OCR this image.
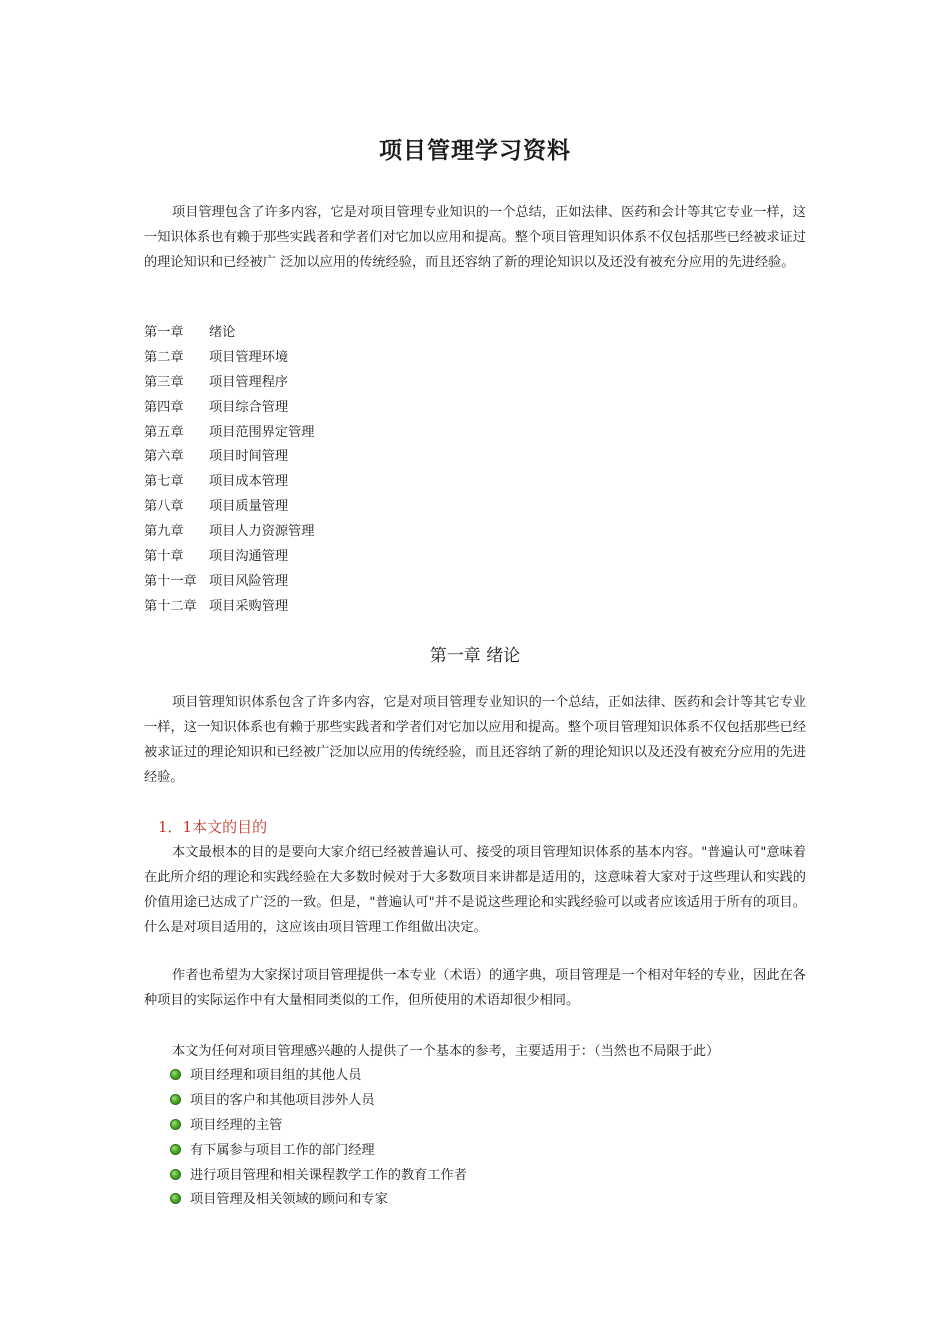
项目管理学习资料

项目管理包含了许多内容，它是对项目管理专业知识的一个总结，正如法律、医药和会计等其它专业一样，这一知识体系也有赖于那些实践者和学者们对它加以应用和提高。整个项目管理知识体系不仅包括那些已经被求证过的理论知识和已经被广 泛加以应用的传统经验，而且还容纳了新的理论知识以及还没有被充分应用的先进经验。

第一章 绪论
第二章 项目管理环境
第三章 项目管理程序
第四章 项目综合管理
第五章 项目范围界定管理
第六章 项目时间管理
第七章 项目成本管理
第八章 项目质量管理
第九章 项目人力资源管理
第十章 项目沟通管理
第十一章 项目风险管理
第十二章 项目采购管理
第一章 绪论

项目管理知识体系包含了许多内容，它是对项目管理专业知识的一个总结，正如法律、医药和会计等其它专业一样，这一知识体系也有赖于那些实践者和学者们对它加以应用和提高。整个项目管理知识体系不仅包括那些已经被求证过的理论知识和已经被广泛加以应用的传统经验，而且还容纳了新的理论知识以及还没有被充分应用的先进经验。

1．1本文的目的

本文最根本的目的是要向大家介绍已经被普遍认可、接受的项目管理知识体系的基本内容。"普遍认可"意味着在此所介绍的理论和实践经验在大多数时候对于大多数项目来讲都是适用的，这意味着大家对于这些理认和实践的价值用途已达成了广泛的一致。但是，"普遍认可"并不是说这些理论和实践经验可以或者应该适用于所有的项目。什么是对项目适用的，这应该由项目管理工作组做出决定。

作者也希望为大家探讨项目管理提供一本专业（术语）的通字典，项目管理是一个相对年轻的专业，因此在各种项目的实际运作中有大量相同类似的工作，但所使用的术语却很少相同。

本文为任何对项目管理感兴趣的人提供了一个基本的参考，主要适用于：（当然也不局限于此）

项目经理和项目组的其他人员
项目的客户和其他项目涉外人员
项目经理的主管
有下属参与项目工作的部门经理
进行项目管理和相关课程教学工作的教育工作者
项目管理及相关领域的顾问和专家
